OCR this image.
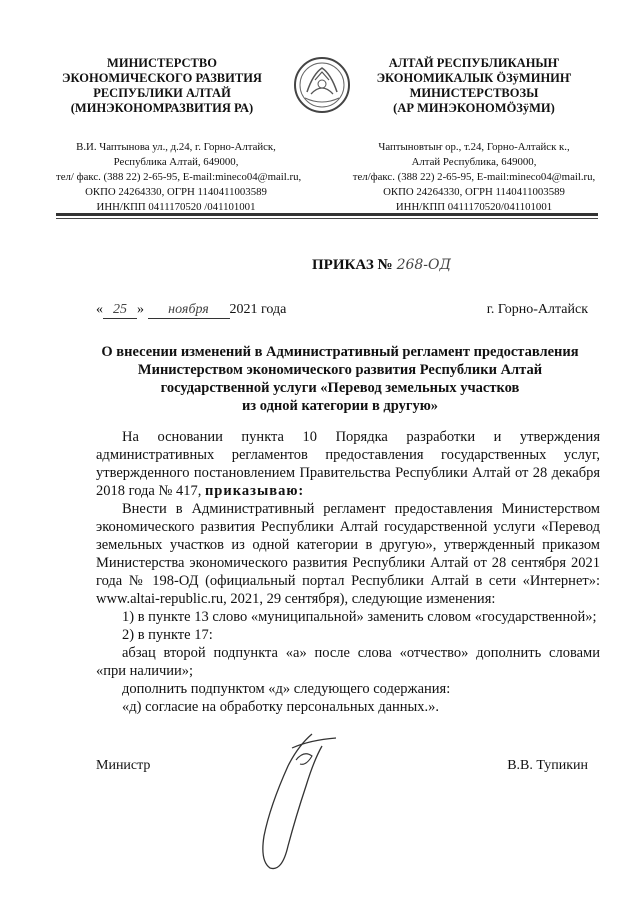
МИНИСТЕРСТВО
ЭКОНОМИЧЕСКОГО РАЗВИТИЯ
РЕСПУБЛИКИ АЛТАЙ
(МИНЭКОНОМРАЗВИТИЯ РА)
АЛТАЙ РЕСПУБЛИКАНЫҤ
ЭКОНОМИКАЛЫК ÖЗÿМИНИҤ
МИНИСТЕРСТВОЗЫ
(АР МИНЭКОНОМÖЗÿМИ)
В.И. Чаптынова ул., д.24, г. Горно-Алтайск,
Республика Алтай, 649000,
тел/ факс. (388 22) 2-65-95, E-mail:mineco04@mail.ru,
ОКПО 24264330, ОГРН 1140411003589
ИНН/КПП 0411170520 /041101001
Чаптыновтыҥ ор., т.24, Горно-Алтайск к.,
Алтай Республика, 649000,
тел/факс. (388 22) 2-65-95, E-mail:mineco04@mail.ru,
ОКПО 24264330, ОГРН 1140411003589
ИНН/КПП 0411170520/041101001
ПРИКАЗ № 268-ОД
« 25 » ноября 2021 года	г. Горно-Алтайск
О внесении изменений в Административный регламент предоставления
Министерством экономического развития Республики Алтай
государственной услуги «Перевод земельных участков
из одной категории в другую»

На основании пункта 10 Порядка разработки и утверждения административных регламентов предоставления государственных услуг, утвержденного постановлением Правительства Республики Алтай от 28 декабря 2018 года № 417, приказываю:

Внести в Административный регламент предоставления Министерством экономического развития Республики Алтай государственной услуги «Перевод земельных участков из одной категории в другую», утвержденный приказом Министерства экономического развития Республики Алтай от 28 сентября 2021 года № 198-ОД (официальный портал Республики Алтай в сети «Интернет»: www.altai-republic.ru, 2021, 29 сентября), следующие изменения:

1) в пункте 13 слово «муниципальной» заменить словом «государственной»;

2) в пункте 17:

абзац второй подпункта «а» после слова «отчество» дополнить словами «при наличии»;

дополнить подпунктом «д» следующего содержания:

«д) согласие на обработку персональных данных.».

Министр	В.В. Тупикин
